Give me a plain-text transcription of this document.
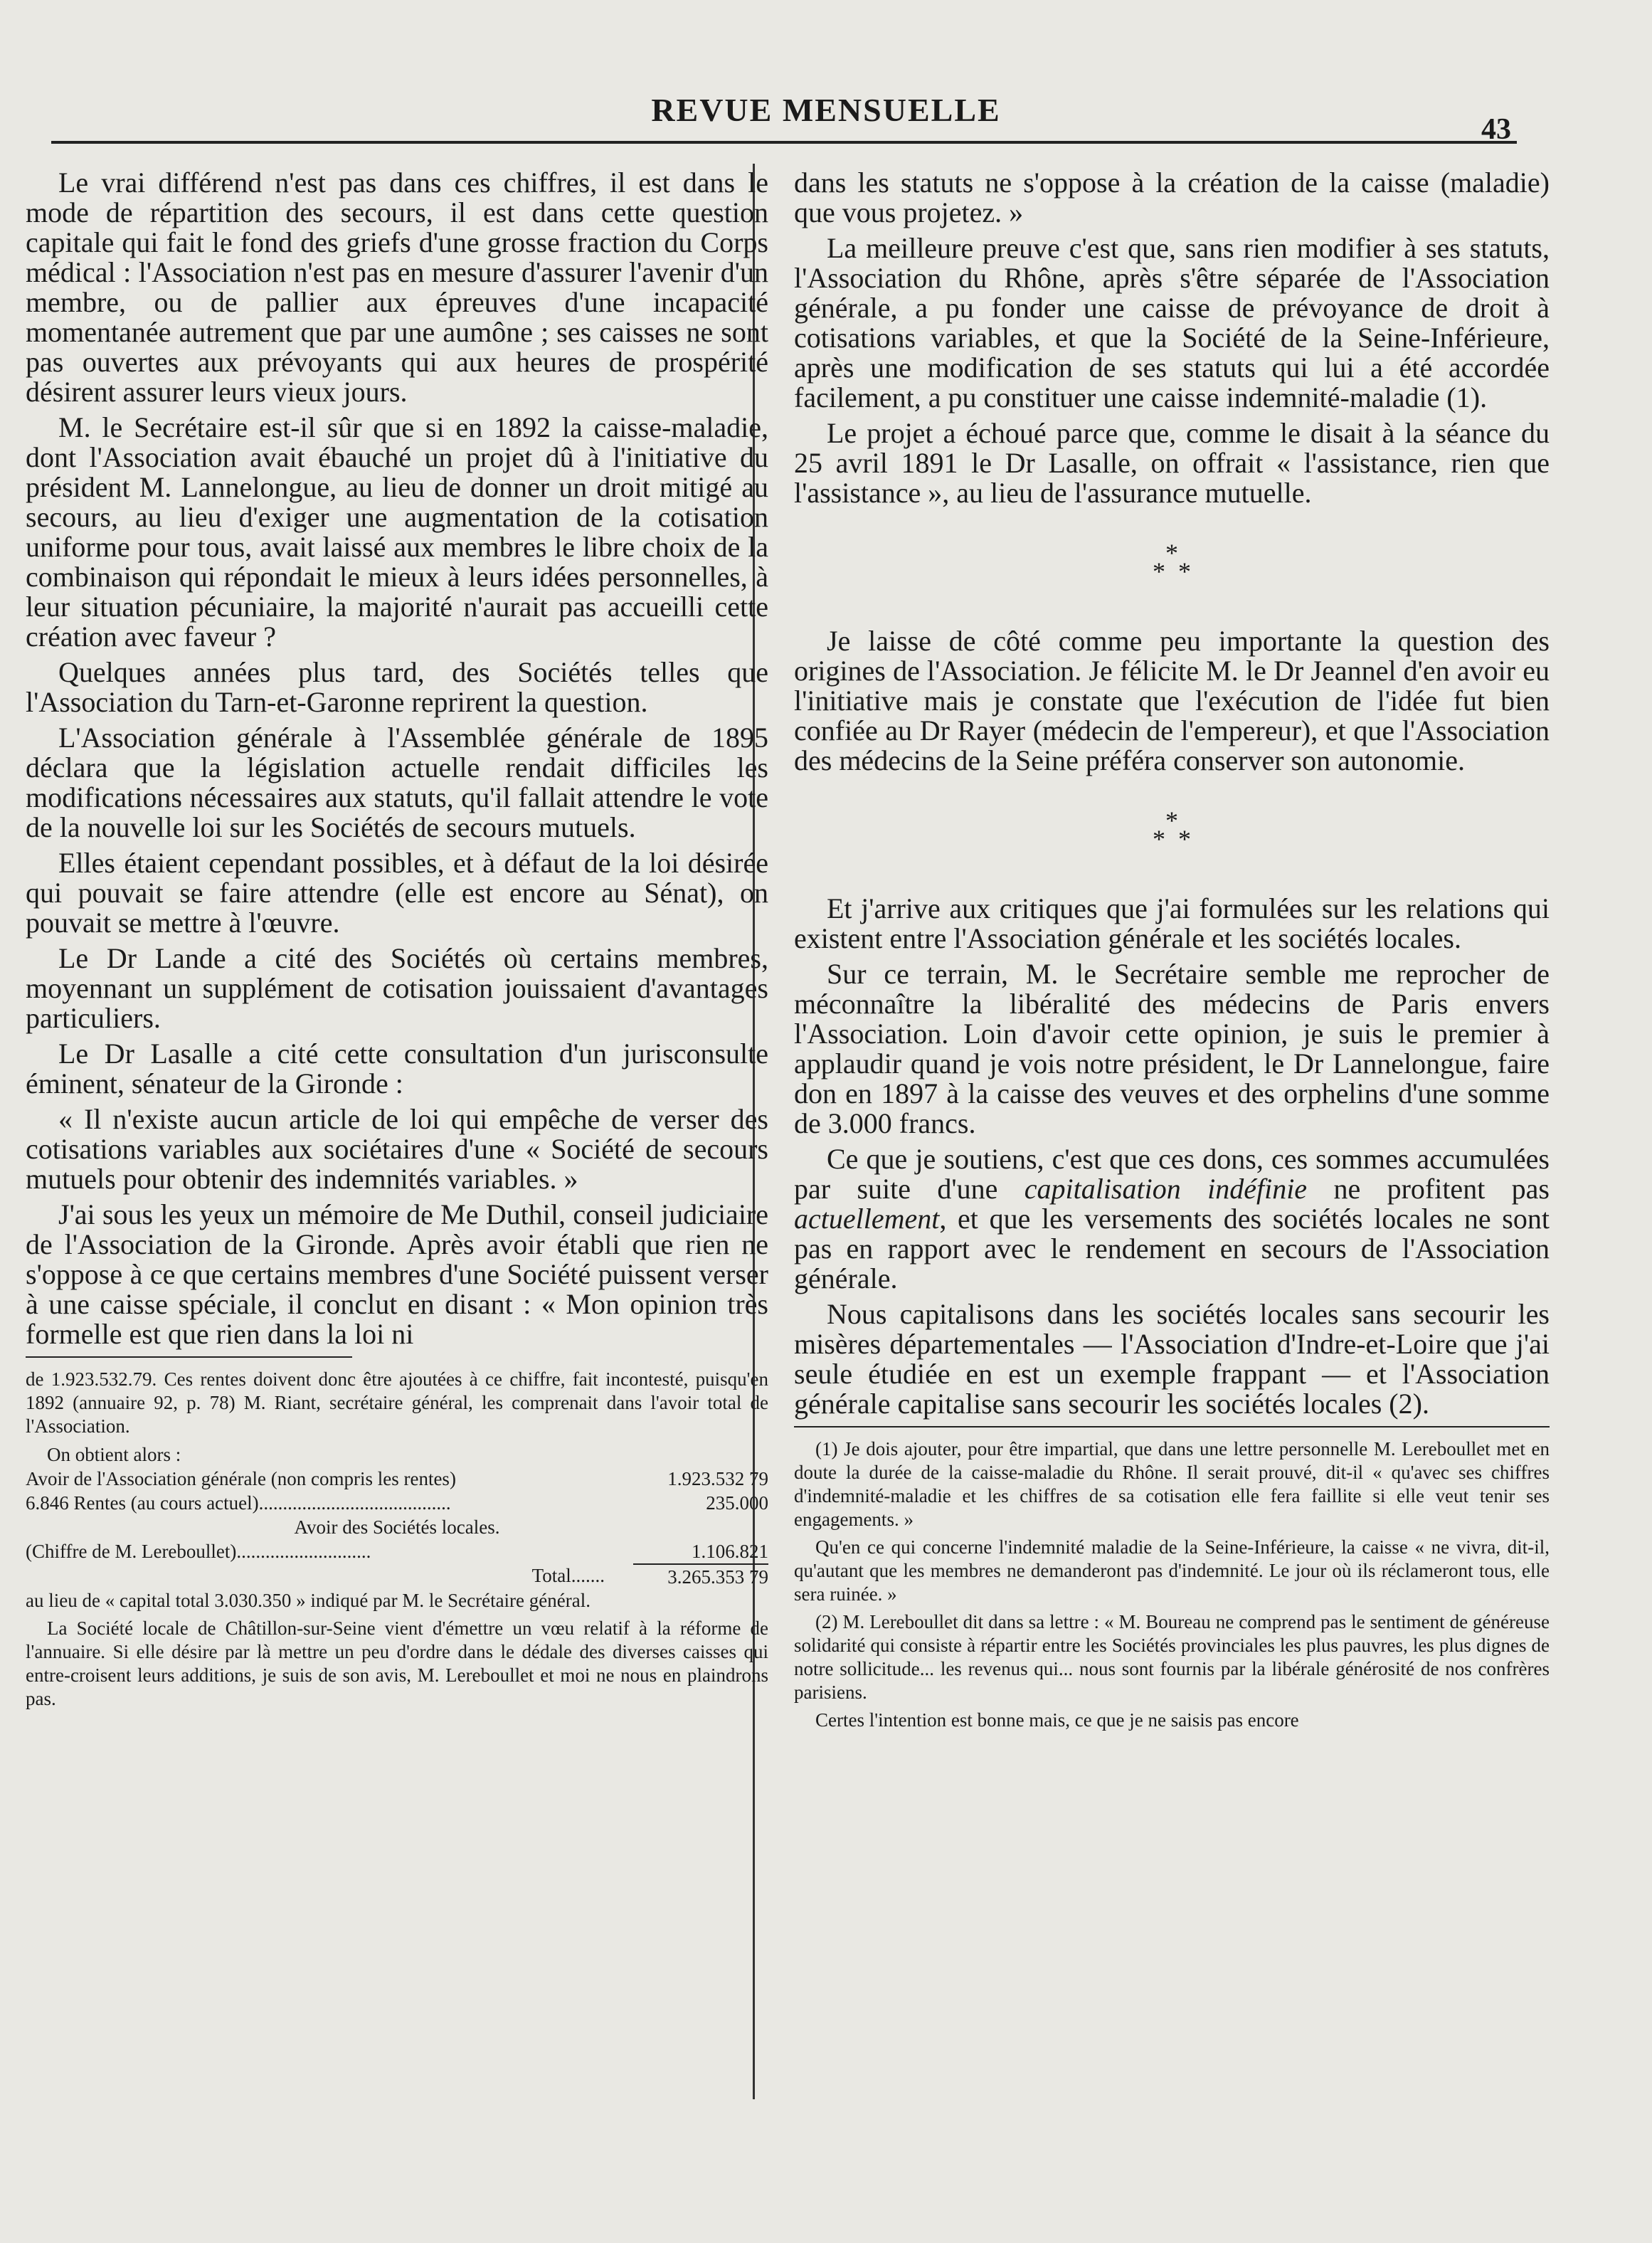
REVUE MENSUELLE
43

Le vrai différend n'est pas dans ces chiffres, il est dans le mode de répartition des secours, il est dans cette question capitale qui fait le fond des griefs d'une grosse fraction du Corps médical : l'Association n'est pas en mesure d'assurer l'avenir d'un membre, ou de pallier aux épreuves d'une incapacité momentanée autrement que par une aumône ; ses caisses ne sont pas ouvertes aux prévoyants qui aux heures de prospérité désirent assurer leurs vieux jours.

M. le Secrétaire est-il sûr que si en 1892 la caisse-maladie, dont l'Association avait ébauché un projet dû à l'initiative du président M. Lannelongue, au lieu de donner un droit mitigé au secours, au lieu d'exiger une augmentation de la cotisation uniforme pour tous, avait laissé aux membres le libre choix de la combinaison qui répondait le mieux à leurs idées personnelles, à leur situation pécuniaire, la majorité n'aurait pas accueilli cette création avec faveur ?

Quelques années plus tard, des Sociétés telles que l'Association du Tarn-et-Garonne reprirent la question.

L'Association générale à l'Assemblée générale de 1895 déclara que la législation actuelle rendait difficiles les modifications nécessaires aux statuts, qu'il fallait attendre le vote de la nouvelle loi sur les Sociétés de secours mutuels.

Elles étaient cependant possibles, et à défaut de la loi désirée qui pouvait se faire attendre (elle est encore au Sénat), on pouvait se mettre à l'œuvre.

Le Dr Lande a cité des Sociétés où certains membres, moyennant un supplément de cotisation jouissaient d'avantages particuliers.

Le Dr Lasalle a cité cette consultation d'un jurisconsulte éminent, sénateur de la Gironde :

« Il n'existe aucun article de loi qui empêche de verser des cotisations variables aux sociétaires d'une « Société de secours mutuels pour obtenir des indemnités variables. »

J'ai sous les yeux un mémoire de Me Duthil, conseil judiciaire de l'Association de la Gironde. Après avoir établi que rien ne s'oppose à ce que certains membres d'une Société puissent verser à une caisse spéciale, il conclut en disant : « Mon opinion très formelle est que rien dans la loi ni

de 1.923.532.79. Ces rentes doivent donc être ajoutées à ce chiffre, fait incontesté, puisqu'en 1892 (annuaire 92, p. 78) M. Riant, secrétaire général, les comprenait dans l'avoir total de l'Association.

On obtient alors :
Avoir de l'Association générale (non compris les rentes)	1.923.532 79
6.846 Rentes (au cours actuel)........................................	235.000
Avoir des Sociétés locales.
(Chiffre de M. Lereboullet)............................	1.106.821
Total.......	3.265.353 79

au lieu de « capital total 3.030.350 » indiqué par M. le Secrétaire général.

La Société locale de Châtillon-sur-Seine vient d'émettre un vœu relatif à la réforme de l'annuaire. Si elle désire par là mettre un peu d'ordre dans le dédale des diverses caisses qui entre-croisent leurs additions, je suis de son avis, M. Lereboullet et moi ne nous en plaindrons pas.

dans les statuts ne s'oppose à la création de la caisse (maladie) que vous projetez. »

La meilleure preuve c'est que, sans rien modifier à ses statuts, l'Association du Rhône, après s'être séparée de l'Association générale, a pu fonder une caisse de prévoyance de droit à cotisations variables, et que la Société de la Seine-Inférieure, après une modification de ses statuts qui lui a été accordée facilement, a pu constituer une caisse indemnité-maladie (1).

Le projet a échoué parce que, comme le disait à la séance du 25 avril 1891 le Dr Lasalle, on offrait « l'assistance, rien que l'assistance », au lieu de l'assurance mutuelle.

*
* *

Je laisse de côté comme peu importante la question des origines de l'Association. Je félicite M. le Dr Jeannel d'en avoir eu l'initiative mais je constate que l'exécution de l'idée fut bien confiée au Dr Rayer (médecin de l'empereur), et que l'Association des médecins de la Seine préféra conserver son autonomie.

*
* *

Et j'arrive aux critiques que j'ai formulées sur les relations qui existent entre l'Association générale et les sociétés locales.

Sur ce terrain, M. le Secrétaire semble me reprocher de méconnaître la libéralité des médecins de Paris envers l'Association. Loin d'avoir cette opinion, je suis le premier à applaudir quand je vois notre président, le Dr Lannelongue, faire don en 1897 à la caisse des veuves et des orphelins d'une somme de 3.000 francs.

Ce que je soutiens, c'est que ces dons, ces sommes accumulées par suite d'une capitalisation indéfinie ne profitent pas actuellement, et que les versements des sociétés locales ne sont pas en rapport avec le rendement en secours de l'Association générale.

Nous capitalisons dans les sociétés locales sans secourir les misères départementales — l'Association d'Indre-et-Loire que j'ai seule étudiée en est un exemple frappant — et l'Association générale capitalise sans secourir les sociétés locales (2).

(1) Je dois ajouter, pour être impartial, que dans une lettre personnelle M. Lereboullet met en doute la durée de la caisse-maladie du Rhône. Il serait prouvé, dit-il « qu'avec ses chiffres d'indemnité-maladie et les chiffres de sa cotisation elle fera faillite si elle veut tenir ses engagements. »

Qu'en ce qui concerne l'indemnité maladie de la Seine-Inférieure, la caisse « ne vivra, dit-il, qu'autant que les membres ne demanderont pas d'indemnité. Le jour où ils réclameront tous, elle sera ruinée. »

(2) M. Lereboullet dit dans sa lettre : « M. Boureau ne comprend pas le sentiment de généreuse solidarité qui consiste à répartir entre les Sociétés provinciales les plus pauvres, les plus dignes de notre sollicitude... les revenus qui... nous sont fournis par la libérale générosité de nos confrères parisiens.

Certes l'intention est bonne mais, ce que je ne saisis pas encore
